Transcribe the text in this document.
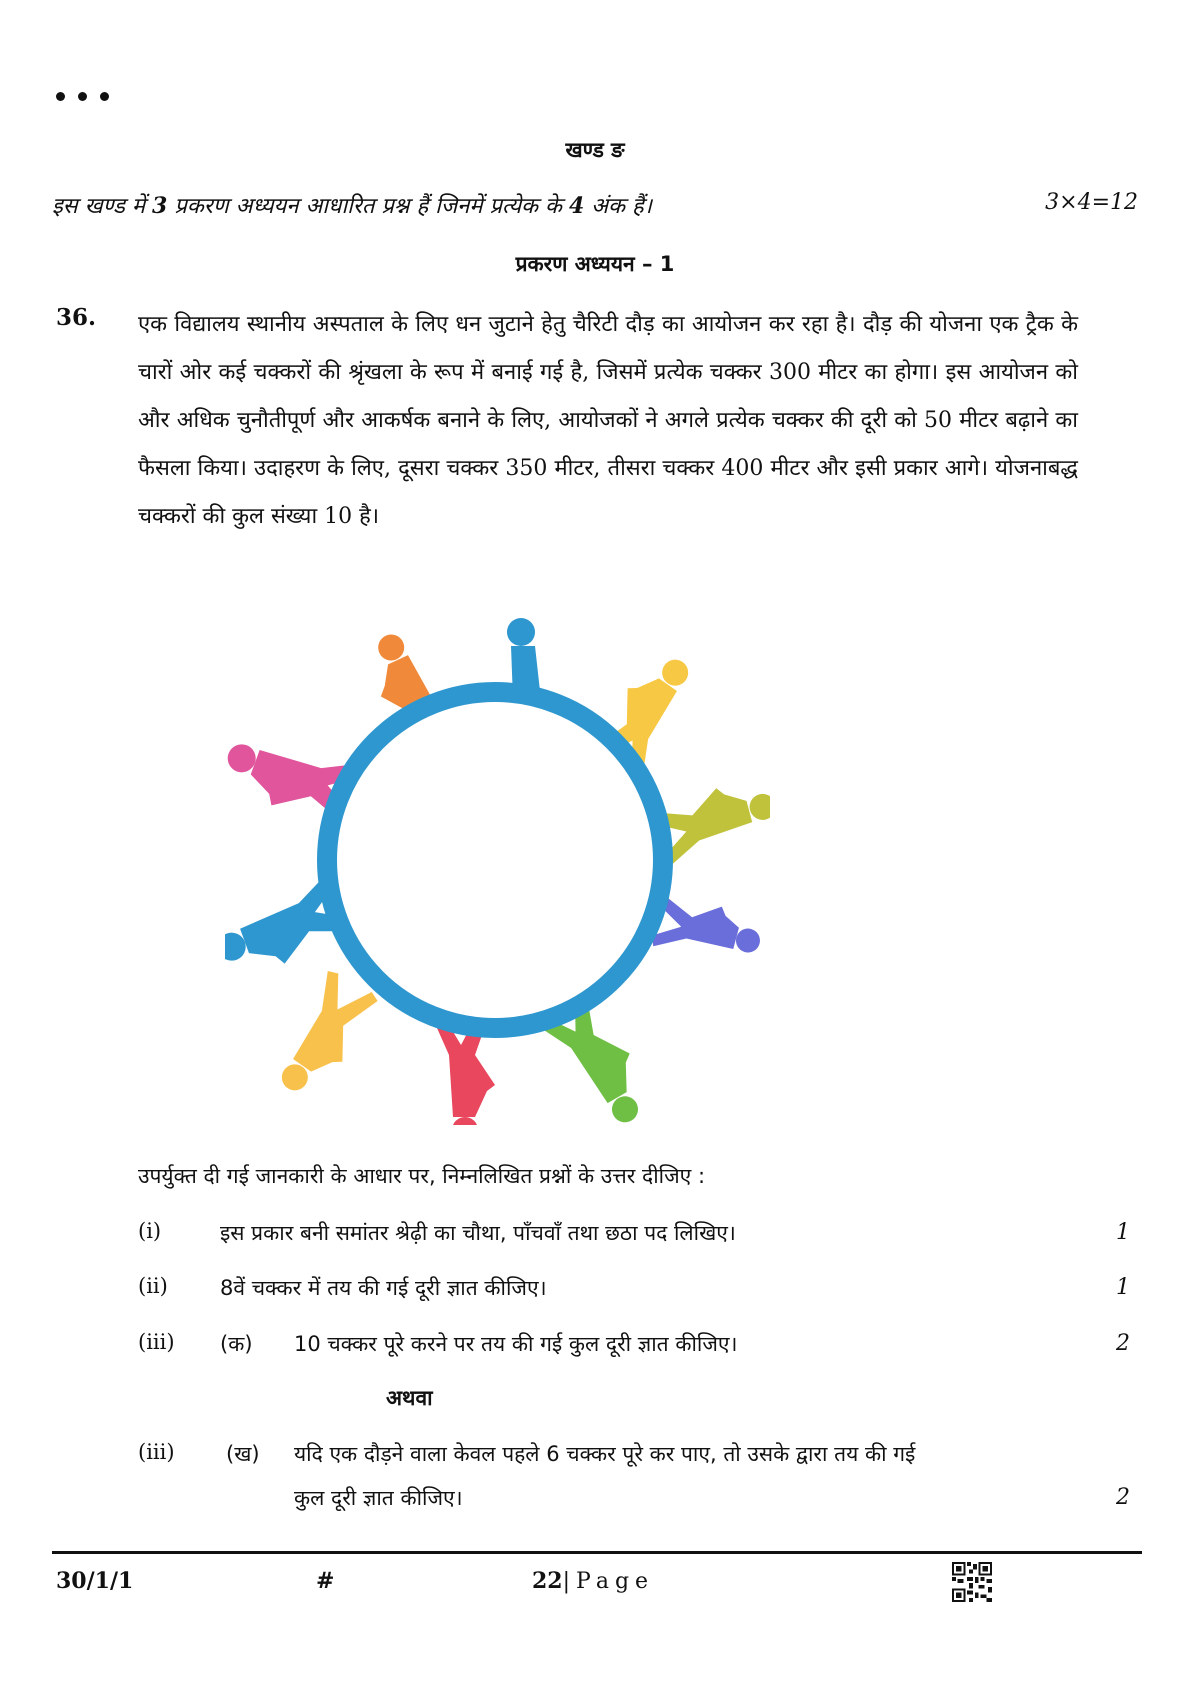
खण्ड ङ
इस खण्ड में 3 प्रकरण अध्ययन आधारित प्रश्न हैं जिनमें प्रत्येक के 4 अंक हैं।	3×4=12
प्रकरण अध्ययन – 1
36. एक विद्यालय स्थानीय अस्पताल के लिए धन जुटाने हेतु चैरिटी दौड़ का आयोजन कर रहा है। दौड़ की योजना एक ट्रैक के चारों ओर कई चक्करों की श्रृंखला के रूप में बनाई गई है, जिसमें प्रत्येक चक्कर 300 मीटर का होगा। इस आयोजन को और अधिक चुनौतीपूर्ण और आकर्षक बनाने के लिए, आयोजकों ने अगले प्रत्येक चक्कर की दूरी को 50 मीटर बढ़ाने का फैसला किया। उदाहरण के लिए, दूसरा चक्कर 350 मीटर, तीसरा चक्कर 400 मीटर और इसी प्रकार आगे। योजनाबद्ध चक्करों की कुल संख्या 10 है।
उपर्युक्त दी गई जानकारी के आधार पर, निम्नलिखित प्रश्नों के उत्तर दीजिए :
(i)	इस प्रकार बनी समांतर श्रेढ़ी का चौथा, पाँचवाँ तथा छठा पद लिखिए।	1
(ii) 8वें चक्कर में तय की गई दूरी ज्ञात कीजिए।	1
(iii) (क) 10 चक्कर पूरे करने पर तय की गई कुल दूरी ज्ञात कीजिए।	2
अथवा
(iii) (ख) यदि एक दौड़ने वाला केवल पहले 6 चक्कर पूरे कर पाए, तो उसके द्वारा तय की गई
कुल दूरी ज्ञात कीजिए।	2
30/1/1	#	22|Page
